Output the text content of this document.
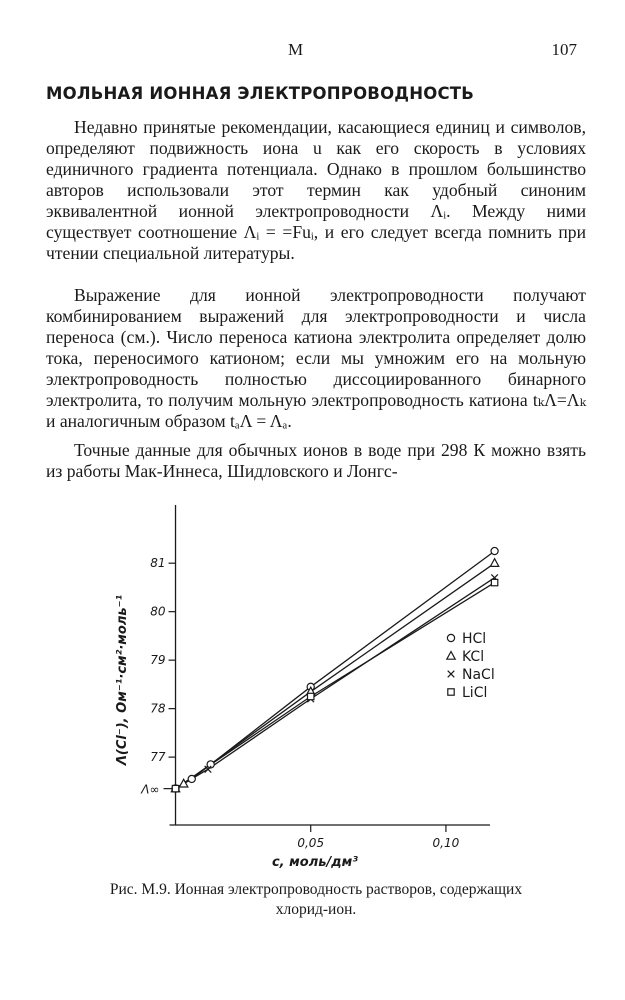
М	107
МОЛЬНАЯ ИОННАЯ ЭЛЕКТРОПРОВОДНОСТЬ

Недавно принятые рекомендации, касающиеся единиц и символов, определяют подвижность иона u как его скорость в условиях единичного градиента потенциала. Однако в прошлом большинство авторов использовали этот термин как удобный синоним эквивалентной ионной электропроводности Λᵢ. Между ними существует соотношение Λᵢ = =Fuᵢ, и его следует всегда помнить при чтении специальной литературы.

Выражение для ионной электропроводности получают комбинированием выражений для электропроводности и числа переноса (см.). Число переноса катиона электролита определяет долю тока, переносимого катионом; если мы умножим его на мольную электропроводность полностью диссоциированного бинарного электролита, то получим мольную электропроводность катиона tₖΛ=Λₖ и аналогичным образом tₐΛ = Λₐ.

Точные данные для обычных ионов в воде при 298 К можно взять из работы Мак-Иннеса, Шидловского и Лонгс-

Λ∞
77
78
79
80
81
0,05	0,10
HCl
KCl
NaCl
LiCl
Λ(Cl⁻), Ом⁻¹·см²·моль⁻¹
c, моль/дм³
Рис. М.9. Ионная электропроводность растворов, содержащих
хлорид-ион.
